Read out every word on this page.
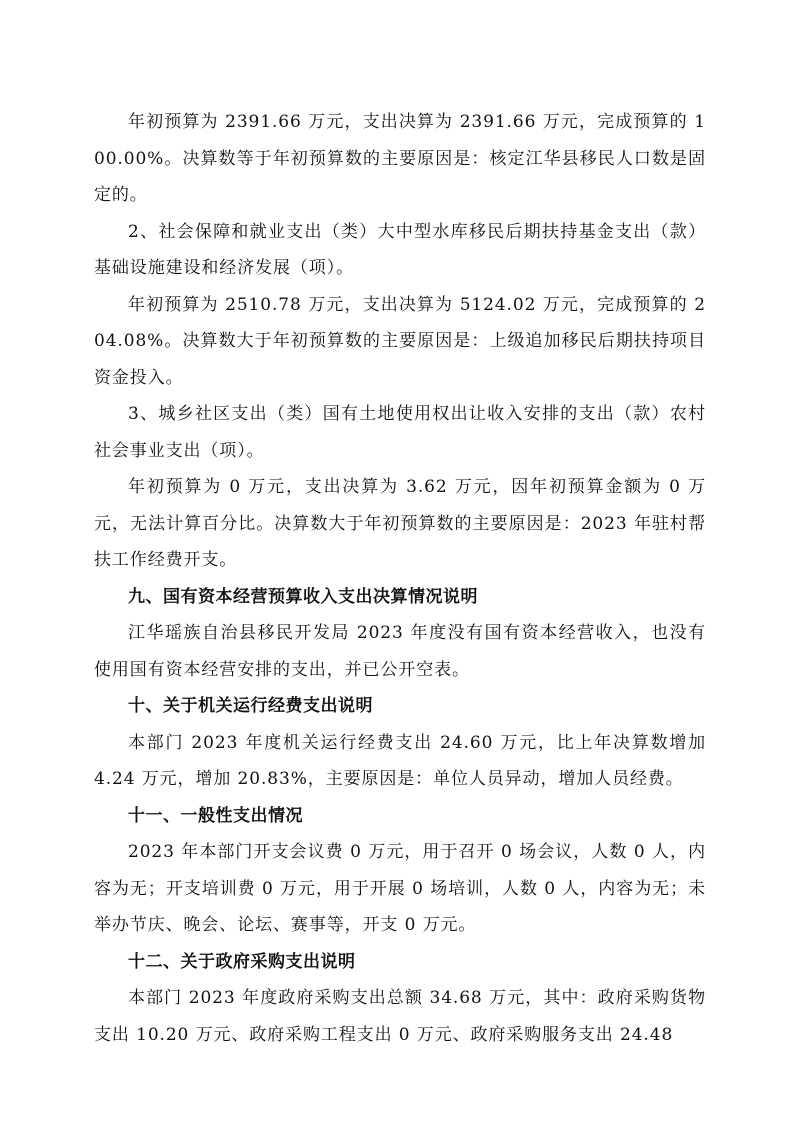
年初预算为 2391.66 万元，支出决算为 2391.66 万元，完成预算的 100.00%。决算数等于年初预算数的主要原因是：核定江华县移民人口数是固定的。

2、社会保障和就业支出（类）大中型水库移民后期扶持基金支出（款）基础设施建设和经济发展（项）。

年初预算为 2510.78 万元，支出决算为 5124.02 万元，完成预算的 204.08%。决算数大于年初预算数的主要原因是：上级追加移民后期扶持项目资金投入。

3、城乡社区支出（类）国有土地使用权出让收入安排的支出（款）农村社会事业支出（项）。

年初预算为 0 万元，支出决算为 3.62 万元，因年初预算金额为 0 万元，无法计算百分比。决算数大于年初预算数的主要原因是：2023 年驻村帮扶工作经费开支。

九、国有资本经营预算收入支出决算情况说明

江华瑶族自治县移民开发局 2023 年度没有国有资本经营收入，也没有使用国有资本经营安排的支出，并已公开空表。

十、关于机关运行经费支出说明

本部门 2023 年度机关运行经费支出 24.60 万元，比上年决算数增加 4.24 万元，增加 20.83%，主要原因是：单位人员异动，增加人员经费。

十一、一般性支出情况

2023 年本部门开支会议费 0 万元，用于召开 0 场会议，人数 0 人，内容为无；开支培训费 0 万元，用于开展 0 场培训，人数 0 人，内容为无；未举办节庆、晚会、论坛、赛事等，开支 0 万元。

十二、关于政府采购支出说明

本部门 2023 年度政府采购支出总额 34.68 万元，其中：政府采购货物支出 10.20 万元、政府采购工程支出 0 万元、政府采购服务支出 24.48
